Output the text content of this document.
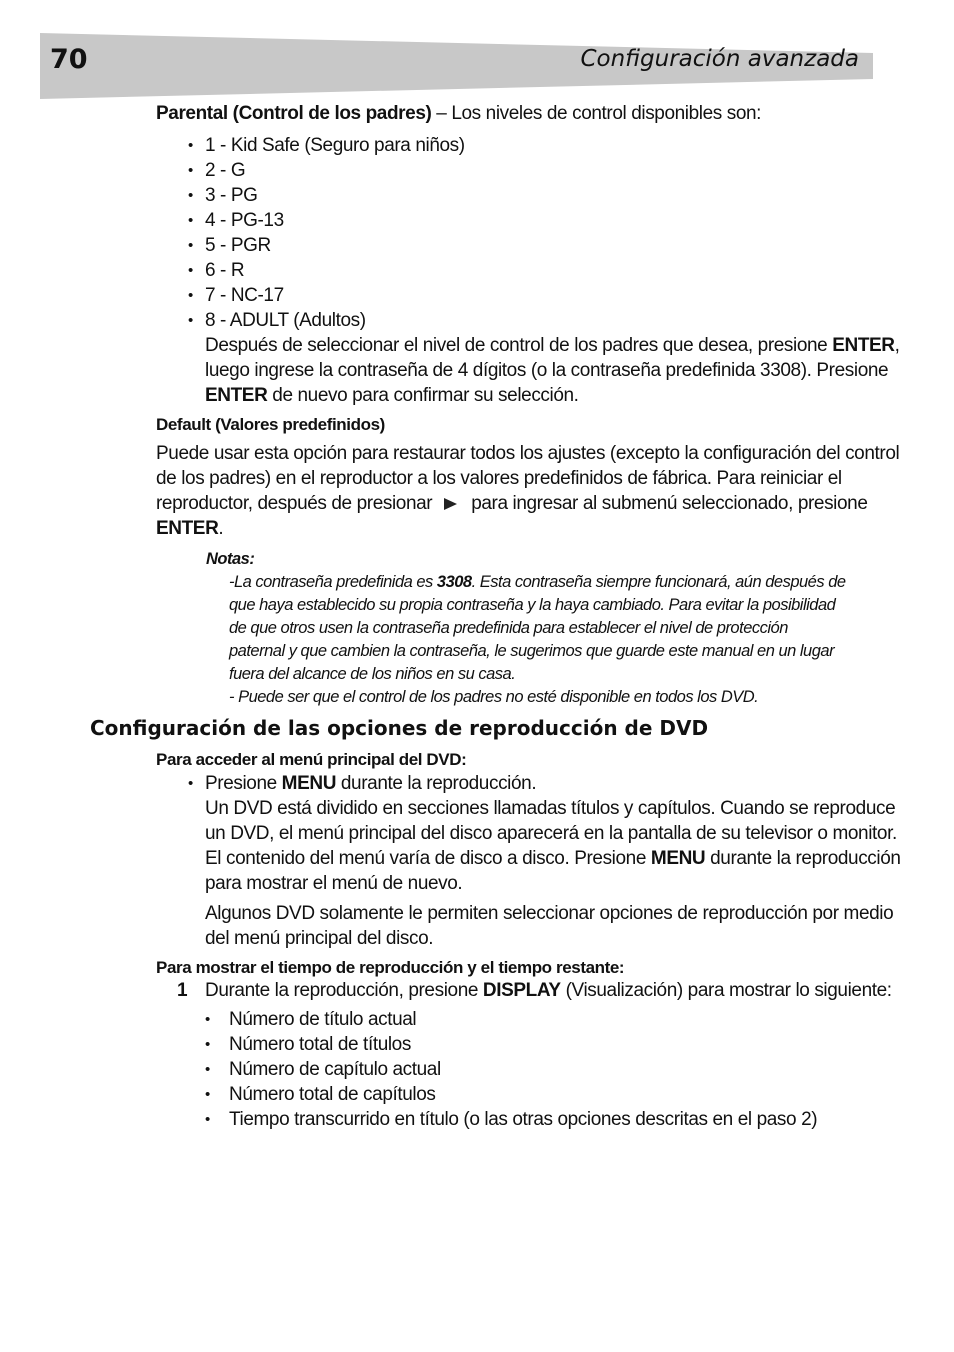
70	Configuración avanzada
Parental (Control de los padres) – Los niveles de control disponibles son:
• 1 - Kid Safe (Seguro para niños)
• 2 - G
• 3 - PG
• 4 - PG-13
• 5 - PGR
• 6 - R
• 7 - NC-17
• 8 - ADULT (Adultos)
Después de seleccionar el nivel de control de los padres que desea, presione ENTER,
luego ingrese la contraseña de 4 dígitos (o la contraseña predefinida 3308). Presione
ENTER de nuevo para confirmar su selección.
Default (Valores predefinidos)
Puede usar esta opción para restaurar todos los ajustes (excepto la configuración del control
de los padres) en el reproductor a los valores predefinidos de fábrica. Para reiniciar el
reproductor, después de presionar para ingresar al submenú seleccionado, presione
ENTER.
Notas:
-La contraseña predefinida es 3308. Esta contraseña siempre funcionará, aún después de
que haya establecido su propia contraseña y la haya cambiado. Para evitar la posibilidad
de que otros usen la contraseña predefinida para establecer el nivel de protección
paternal y que cambien la contraseña, le sugerimos que guarde este manual en un lugar
fuera del alcance de los niños en su casa.
- Puede ser que el control de los padres no esté disponible en todos los DVD.
Configuración de las opciones de reproducción de DVD
Para acceder al menú principal del DVD:
• Presione MENU durante la reproducción.
Un DVD está dividido en secciones llamadas títulos y capítulos. Cuando se reproduce
un DVD, el menú principal del disco aparecerá en la pantalla de su televisor o monitor.
El contenido del menú varía de disco a disco. Presione MENU durante la reproducción
para mostrar el menú de nuevo.
Algunos DVD solamente le permiten seleccionar opciones de reproducción por medio
del menú principal del disco.
Para mostrar el tiempo de reproducción y el tiempo restante:
1 Durante la reproducción, presione DISPLAY (Visualización) para mostrar lo siguiente:
• Número de título actual
• Número total de títulos
• Número de capítulo actual
• Número total de capítulos
• Tiempo transcurrido en título (o las otras opciones descritas en el paso 2)
